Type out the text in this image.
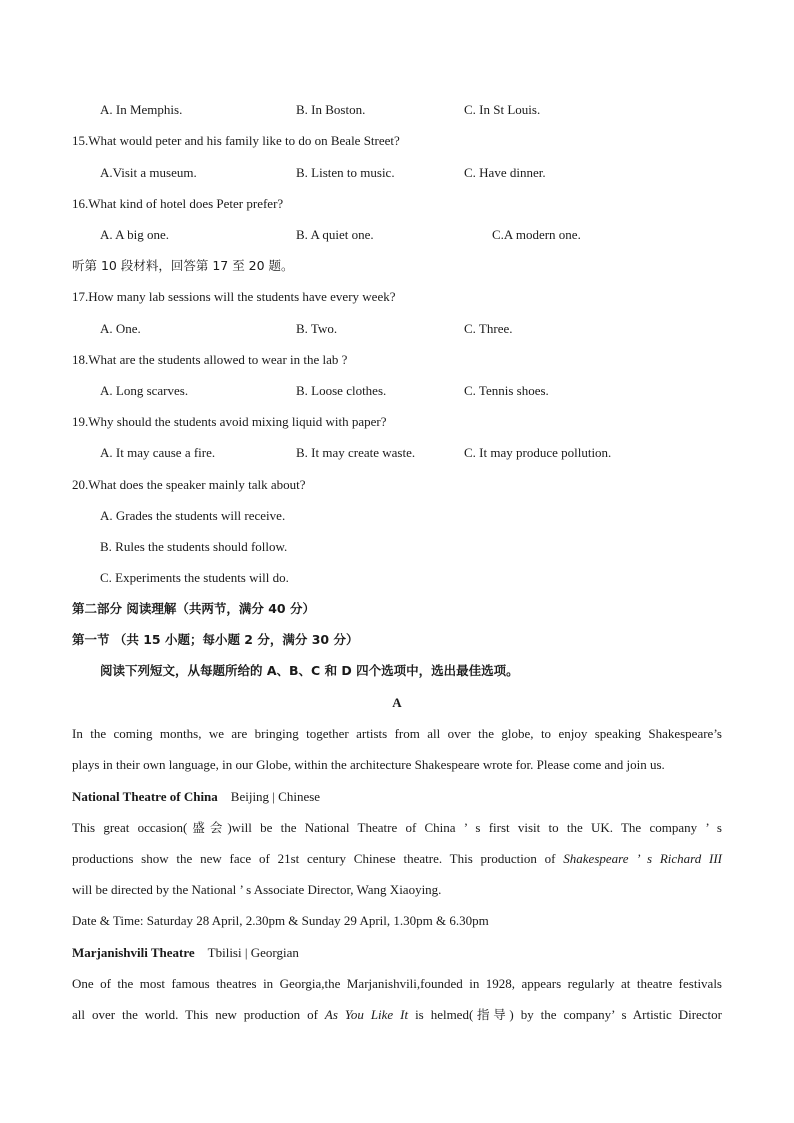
A. In Memphis.	B. In Boston.	C. In St Louis.
15.What would peter and his family like to do on Beale Street?
A.Visit a museum.	B. Listen to music.	C. Have dinner.
16.What kind of hotel does Peter prefer?
A. A big one.	B. A quiet one.	C.A modern one.
听第 10 段材料，回答第 17 至 20 题。
17.How many lab sessions will the students have every week?
A. One.	B. Two.	C. Three.
18.What are the students allowed to wear in the lab ?
A. Long scarves.	B. Loose clothes.	C. Tennis shoes.
19.Why should the students avoid mixing liquid with paper?
A. It may cause a fire.	B. It may create waste.	C. It may produce pollution.
20.What does the speaker mainly talk about?
A. Grades the students will receive.
B. Rules the students should follow.
C. Experiments the students will do.
第二部分 阅读理解（共两节，满分 40 分）
第一节 （共 15 小题；每小题 2 分，满分 30 分）
阅读下列短文，从每题所给的 A、B、C 和 D 四个选项中，选出最佳选项。
A
In the coming months, we are bringing together artists from all over the globe, to enjoy speaking Shakespeare’s
plays in their own language, in our Globe, within the architecture Shakespeare wrote for. Please come and join us.
National Theatre of China Beijing | Chinese
This great occasion(盛会)will be the National Theatre of China ’ s first visit to the UK. The company ’ s
productions show the new face of 21st century Chinese theatre. This production of Shakespeare ’ s Richard III
will be directed by the National ’ s Associate Director, Wang Xiaoying.
Date & Time: Saturday 28 April, 2.30pm & Sunday 29 April, 1.30pm & 6.30pm
Marjanishvili Theatre Tbilisi | Georgian
One of the most famous theatres in Georgia,the Marjanishvili,founded in 1928, appears regularly at theatre festivals
all over the world. This new production of As You Like It is helmed(指导) by the company’ s Artistic Director
